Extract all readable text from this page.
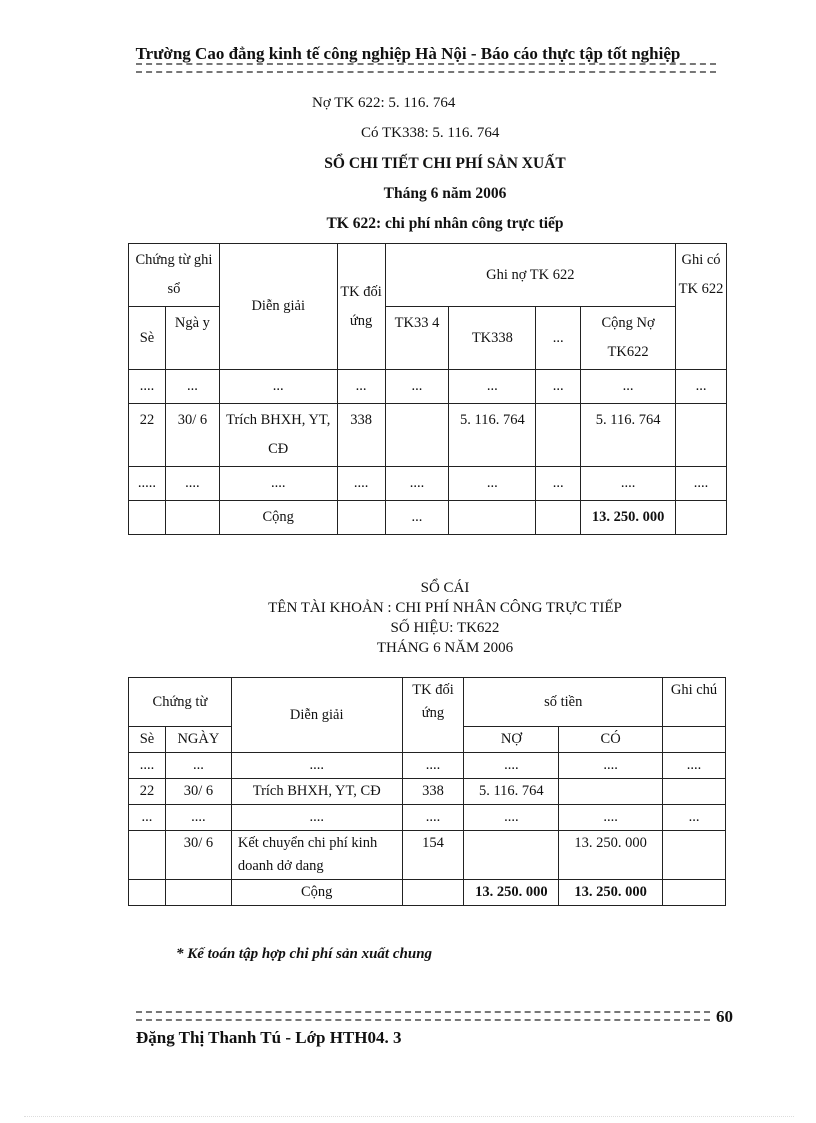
Trường Cao đẳng kinh tế công nghiệp Hà Nội - Báo cáo thực tập tốt nghiệp
Nợ TK 622: 5. 116. 764
Có TK338: 5. 116. 764
SỔ CHI TIẾT CHI PHÍ SẢN XUẤT
Tháng 6 năm 2006
TK 622: chi phí nhân công trực tiếp
Chứng từ ghi sổ		Diễn giải	TK đối ứng	Ghi nợ TK 622				Ghi có TK 622
Sè	Ngà y			TK33 4	TK338	...	Cộng Nợ TK622	
....	...	...	...	...	...	...	...	...
22	30/ 6	Trích BHXH, YT, CĐ	338		5. 116. 764		5. 116. 764	
.....	....	....	....	....	...	...	....	....
		Cộng		...			13. 250. 000	
SỔ CÁI
TÊN TÀI KHOẢN : CHI PHÍ NHÂN CÔNG TRỰC TIẾP
SỐ HIỆU: TK622
THÁNG 6 NĂM 2006
Chứng từ		Diễn giải	TK đối ứng	số tiền		Ghi chú
Sè	NGÀY			NỢ	CÓ	
....	...	....	....	....	....	....
22	30/ 6	Trích BHXH, YT, CĐ	338	5. 116. 764		
...	....	....	....	....	....	...
	30/ 6	Kết chuyển chi phí kinh doanh dở dang	154		13. 250. 000	
		Cộng		13. 250. 000	13. 250. 000	
* Kế toán tập hợp chi phí sản xuất chung
60
Đặng Thị Thanh Tú - Lớp HTH04. 3
